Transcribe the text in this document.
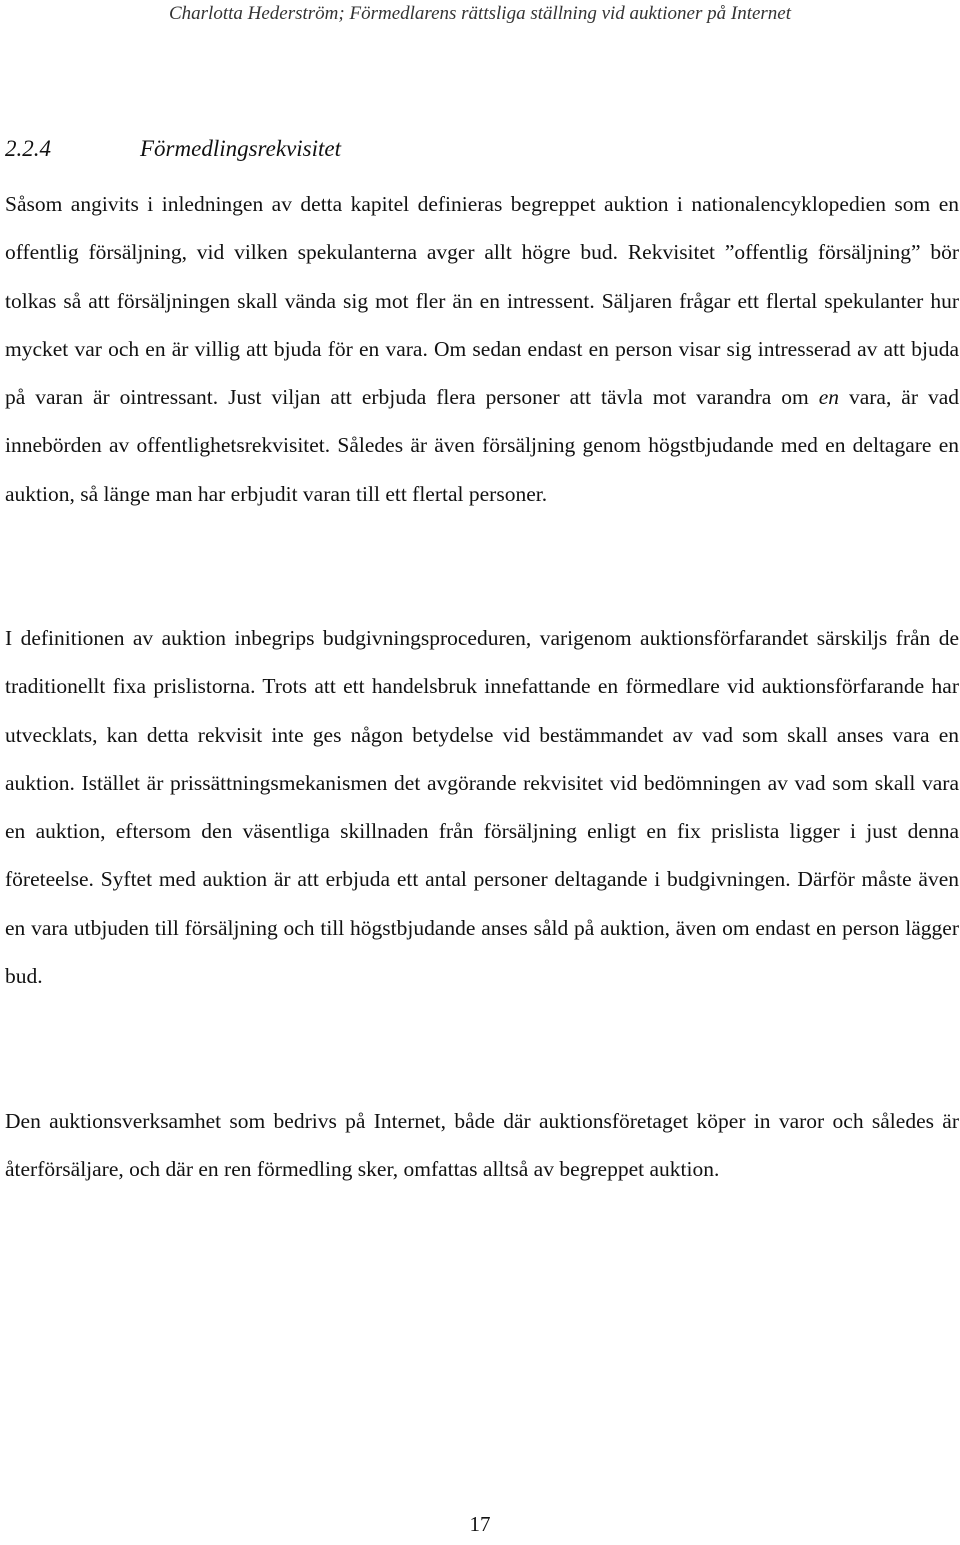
Charlotta Hederström; Förmedlarens rättsliga ställning vid auktioner på Internet
2.2.4	Förmedlingsrekvisitet

Såsom angivits i inledningen av detta kapitel definieras begreppet auktion i nationalencyklopedien som en offentlig försäljning, vid vilken spekulanterna avger allt högre bud. Rekvisitet ”offentlig försäljning” bör tolkas så att försäljningen skall vända sig mot fler än en intressent. Säljaren frågar ett flertal spekulanter hur mycket var och en är villig att bjuda för en vara. Om sedan endast en person visar sig intresserad av att bjuda på varan är ointressant. Just viljan att erbjuda flera personer att tävla mot varandra om en vara, är vad innebörden av offentlighetsrekvisitet. Således är även försäljning genom högstbjudande med en deltagare en auktion, så länge man har erbjudit varan till ett flertal personer.

I definitionen av auktion inbegrips budgivningsproceduren, varigenom auktionsförfarandet särskiljs från de traditionellt fixa prislistorna. Trots att ett handelsbruk innefattande en förmedlare vid auktionsförfarande har utvecklats, kan detta rekvisit inte ges någon betydelse vid bestämmandet av vad som skall anses vara en auktion. Istället är prissättningsmekanismen det avgörande rekvisitet vid bedömningen av vad som skall vara en auktion, eftersom den väsentliga skillnaden från försäljning enligt en fix prislista ligger i just denna företeelse. Syftet med auktion är att erbjuda ett antal personer deltagande i budgivningen. Därför måste även en vara utbjuden till försäljning och till högstbjudande anses såld på auktion, även om endast en person lägger bud.

Den auktionsverksamhet som bedrivs på Internet, både där auktionsföretaget köper in varor och således är återförsäljare, och där en ren förmedling sker, omfattas alltså av begreppet auktion.

17
